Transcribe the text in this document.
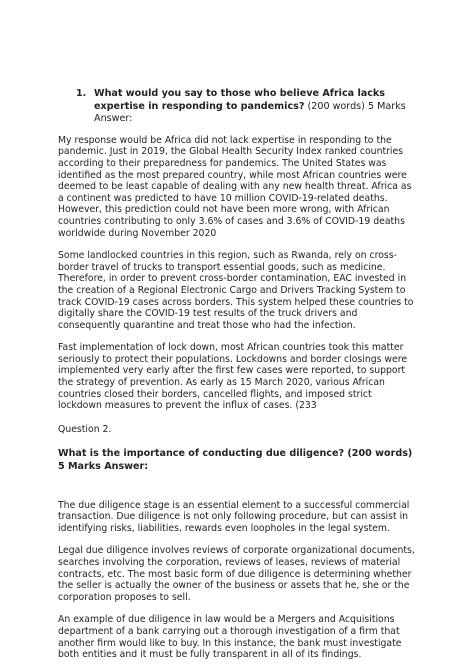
1. What would you say to those who believe Africa lacks expertise in responding to pandemics? (200 words) 5 Marks Answer:

My response would be Africa did not lack expertise in responding to the pandemic. Just in 2019, the Global Health Security Index ranked countries according to their preparedness for pandemics. The United States was identified as the most prepared country, while most African countries were deemed to be least capable of dealing with any new health threat. Africa as a continent was predicted to have 10 million COVID-19-related deaths. However, this prediction could not have been more wrong, with African countries contributing to only 3.6% of cases and 3.6% of COVID-19 deaths worldwide during November 2020

Some landlocked countries in this region, such as Rwanda, rely on cross-border travel of trucks to transport essential goods, such as medicine. Therefore, in order to prevent cross-border contamination, EAC invested in the creation of a Regional Electronic Cargo and Drivers Tracking System to track COVID-19 cases across borders. This system helped these countries to digitally share the COVID-19 test results of the truck drivers and consequently quarantine and treat those who had the infection.

Fast implementation of lock down, most African countries took this matter seriously to protect their populations. Lockdowns and border closings were implemented very early after the first few cases were reported, to support the strategy of prevention. As early as 15 March 2020, various African countries closed their borders, cancelled flights, and imposed strict lockdown measures to prevent the influx of cases. (233

Question 2.

What is the importance of conducting due diligence? (200 words) 5 Marks Answer:

The due diligence stage is an essential element to a successful commercial transaction. Due diligence is not only following procedure, but can assist in identifying risks, liabilities, rewards even loopholes in the legal system.

Legal due diligence involves reviews of corporate organizational documents, searches involving the corporation, reviews of leases, reviews of material contracts, etc. The most basic form of due diligence is determining whether the seller is actually the owner of the business or assets that he, she or the corporation proposes to sell.

An example of due diligence in law would be a Mergers and Acquisitions department of a bank carrying out a thorough investigation of a firm that another firm would like to buy. In this instance, the bank must investigate both entities and it must be fully transparent in all of its findings.
